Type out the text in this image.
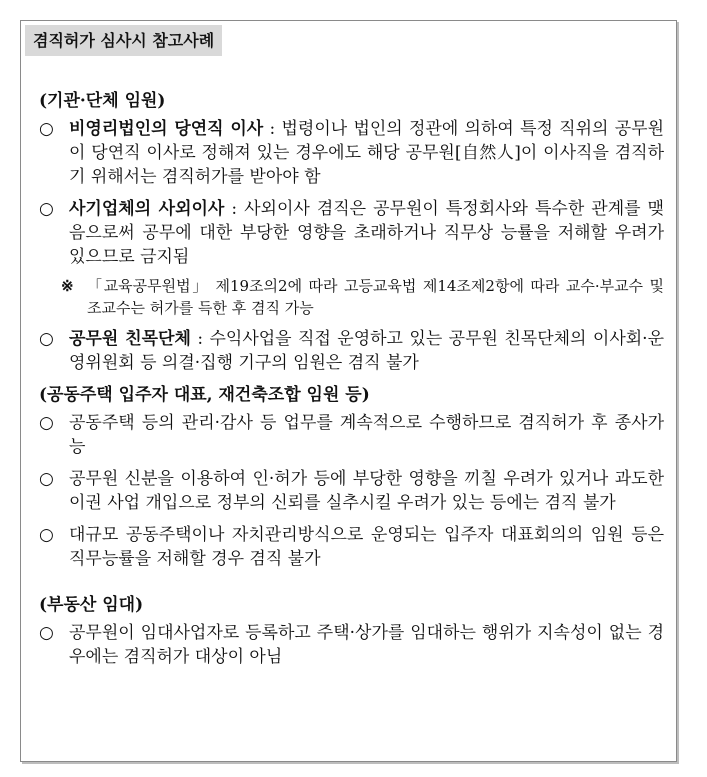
겸직허가 심사시 참고사례
(기관·단체 임원)
○ 비영리법인의 당연직 이사 : 법령이나 법인의 정관에 의하여 특정 직위의 공무원이 당연직 이사로 정해져 있는 경우에도 해당 공무원[自然人]이 이사직을 겸직하기 위해서는 겸직허가를 받아야 함
○ 사기업체의 사외이사 : 사외이사 겸직은 공무원이 특정회사와 특수한 관계를 맺음으로써 공무에 대한 부당한 영향을 초래하거나 직무상 능률을 저해할 우려가 있으므로 금지됨
※ 「교육공무원법」 제19조의2에 따라 고등교육법 제14조제2항에 따라 교수·부교수 및 조교수는 허가를 득한 후 겸직 가능
○ 공무원 친목단체 : 수익사업을 직접 운영하고 있는 공무원 친목단체의 이사회·운영위원회 등 의결·집행 기구의 임원은 겸직 불가
(공동주택 입주자 대표, 재건축조합 임원 등)
○ 공동주택 등의 관리·감사 등 업무를 계속적으로 수행하므로 겸직허가 후 종사가능
○ 공무원 신분을 이용하여 인·허가 등에 부당한 영향을 끼칠 우려가 있거나 과도한 이권 사업 개입으로 정부의 신뢰를 실추시킬 우려가 있는 등에는 겸직 불가
○ 대규모 공동주택이나 자치관리방식으로 운영되는 입주자 대표회의의 임원 등은 직무능률을 저해할 경우 겸직 불가
(부동산 임대)
○ 공무원이 임대사업자로 등록하고 주택·상가를 임대하는 행위가 지속성이 없는 경우에는 겸직허가 대상이 아님
